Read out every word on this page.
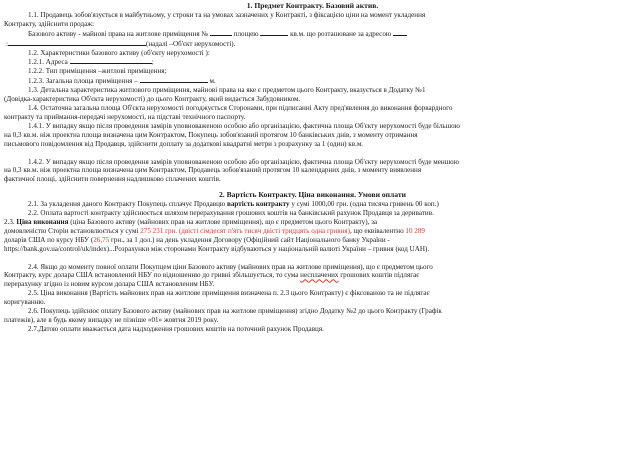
1. Предмет Контракту. Базовий актив.

1.1. Продавець зобов'язується в майбутньому, у строки та на умовах зазначених у Контракті, з фіксацією ціни на момент укладення

Контракту, здійснити продаж:

Базового активу - майнові права на житлове приміщення №	площею	кв.м. що розташоване за адресою

:	(надалі –Об'єкт нерухомості).

1.2. Характеристики базового активу (об'єкту нерухомості ):

1.2.1. Адреса	;

1.2.2. Тип приміщення –житлові приміщення;

1.2.3. Загальна площа приміщення –	м.

1.3. Детальна характеристика житлового приміщення, майнові права на яке є предметом цього Контракту, вказується в Додатку №1

(Довідка-характеристика Об'єкта нерухомості) до цього Контракту, який видається Забудовником.

1.4. Остаточна загальна площа Об'єкта нерухомості погоджується Сторонами, при підписанні Акту пред'явлення до виконання форвардного

контракту та приймання-передачі нерухомості, на підставі технічного паспорту.

1.4.1. У випадку якщо після проведення замірів уповноваженою особою або організацією, фактична площа Об'єкту нерухомості буде більшою

на 0,3 кв.м. ніж проектна площа визначена цим Контрактом, Покупець зобов'язаний протягом 10 банківських днів, з моменту отримання

письмового повідомлення від Продавця, здійснити доплату за додаткові квадратні метри з розрахунку за 1 (один) кв.м.

1.4.2. У випадку якщо після проведення замірів уповноваженою особою або організацією, фактична площа Об'єкту нерухомості буде меншою

на 0,3 кв.м. ніж проектна площа визначена цим Контрактом, Продавець зобов'язаний протягом 10 календарних днів, з моменту виявлення

фактичної площі, здійснити повернення надлишково сплачених коштів.

2. Вартість Контракту. Ціна виконання. Умови оплати

2.1. За укладення даного Контракту Покупець сплачує Продавцю вартість контракту у сумі 1000,00 грн. (одна тисяча гривень 00 коп.)

2.2. Оплата вартості контракту здійснюється шляхом перерахування грошових коштів на банківський рахунок Продавця за дериватив.

2.3. Ціна виконання (ціна Базового активу (майнових прав на житлове приміщення), що є предметом цього Контракту), за

домовленістю Сторін встановлюється у сумі 275 231 грн. (двісті сімдесят п'ять тисяч двісті тридцять одна гривня), що еквівалентно 10 289

доларів США по курсу НБУ (26,75 грн., за 1 дол.) на день укладення Договору (Офіційний сайт Національного банку України -

https://bank.gov.ua/control/uk/index)...Розрахунки між сторонами Контракту відбуваються у національній валюті України – гривня (код UAH).

2.4. Якщо до моменту повної оплати Покупцем ціни Базового активу (майнових прав на житлове приміщення), що є предметом цього

Контракту, курс долара США встановлений НБУ по відношенню до гривні збільшується, то сума несплачених грошових коштів підлягає

перерахунку згідно із новим курсом долара США встановленим НБУ.

2.5. Ціна виконання (Вартість майнових прав на житлове приміщення визначена п. 2.3 цього Контракту) є фіксованою та не підлягає

коригуванню.

2.6. Покупець здійснює оплату Базового активу (майнових прав на житлове приміщення) згідно Додатку №2 до цього Контракту (Графік

платежів), але в будь якому випадку не пізніше «01» жовтня 2019 року.

2.7.Датою оплати вважається дата надходження грошових коштів на поточний рахунок Продавця.
